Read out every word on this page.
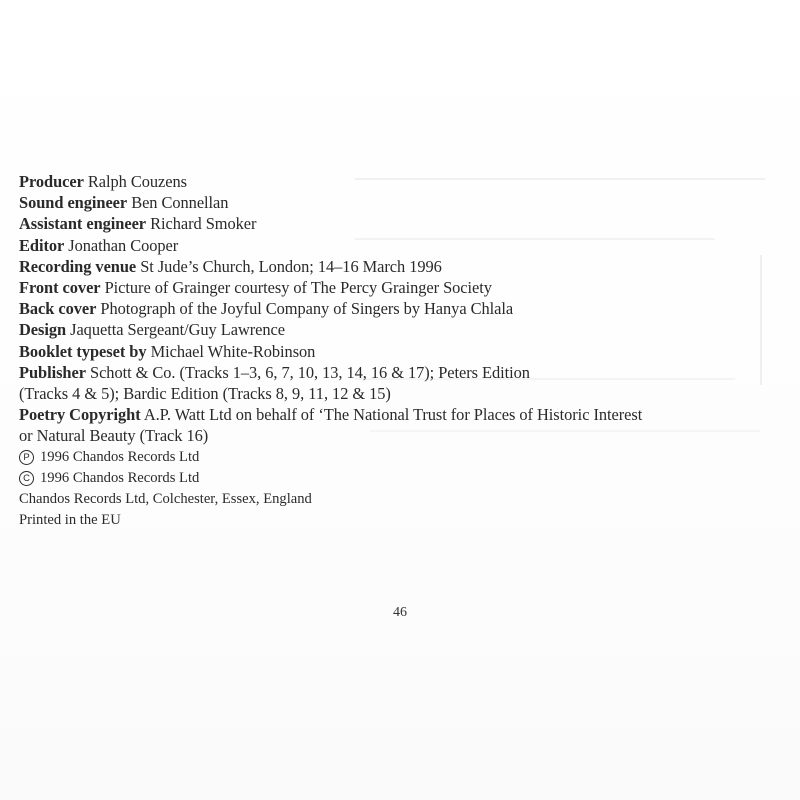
Producer Ralph Couzens
Sound engineer Ben Connellan
Assistant engineer Richard Smoker
Editor Jonathan Cooper
Recording venue St Jude’s Church, London; 14–16 March 1996
Front cover Picture of Grainger courtesy of The Percy Grainger Society
Back cover Photograph of the Joyful Company of Singers by Hanya Chlala
Design Jaquetta Sergeant/Guy Lawrence
Booklet typeset by Michael White-Robinson
Publisher Schott & Co. (Tracks 1–3, 6, 7, 10, 13, 14, 16 & 17); Peters Edition
(Tracks 4 & 5); Bardic Edition (Tracks 8, 9, 11, 12 & 15)
Poetry Copyright A.P. Watt Ltd on behalf of ‘The National Trust for Places of Historic Interest
or Natural Beauty (Track 16)
P 1996 Chandos Records Ltd
C 1996 Chandos Records Ltd
Chandos Records Ltd, Colchester, Essex, England
Printed in the EU
46
